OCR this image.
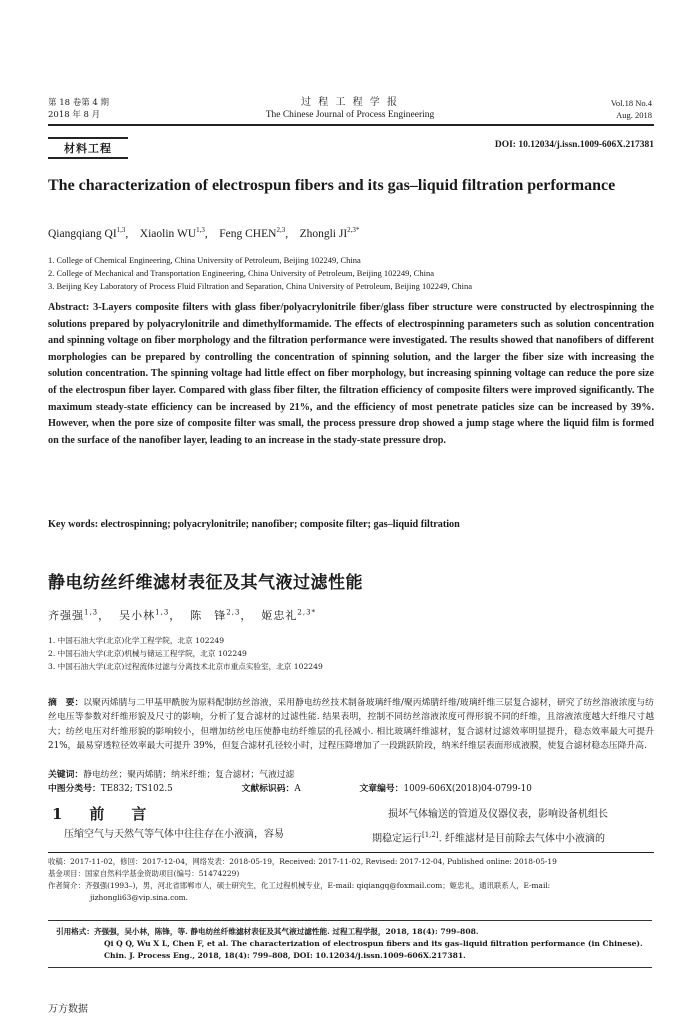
第 18 卷第 4 期
2018 年 8 月
过 程 工 程 学 报
The Chinese Journal of Process Engineering
Vol.18 No.4
Aug. 2018
材料工程	DOI: 10.12034/j.issn.1009-606X.217381
The characterization of electrospun fibers and its gas–liquid filtration performance
Qiangqiang QI$^{1,3}$,    Xiaolin WU$^{1,3}$,    Feng CHEN$^{2,3}$,    Zhongli $JI^{2,3*}$
1. College of Chemical Engineering, China University of Petroleum, Beijing 102249, China
2. College of Mechanical and Transportation Engineering, China University of Petroleum, Beijing 102249, China
3. Beijing Key Laboratory of Process Fluid Filtration and Separation, China University of Petroleum, Beijing 102249, China
Abstract: 3-Layers composite filters with glass fiber/polyacrylonitrile fiber/glass fiber structure were constructed by electrospinning the solutions prepared by polyacrylonitrile and dimethylformamide. The effects of electrospinning parameters such as solution concentration and spinning voltage on fiber morphology and the filtration performance were investigated. The results showed that nanofibers of different morphologies can be prepared by controlling the concentration of spinning solution, and the larger the fiber size with increasing the solution concentration. The spinning voltage had little effect on fiber morphology, but increasing spinning voltage can reduce the pore size of the electrospun fiber layer. Compared with glass fiber filter, the filtration efficiency of composite filters were improved significantly. The maximum steady-state efficiency can be increased by 21%, and the efficiency of most penetrate paticles size can be increased by 39%. However, when the pore size of composite filter was small, the process pressure drop showed a jump stage where the liquid film is formed on the surface of the nanofiber layer, leading to an increase in the stady-state pressure drop.
Key words: electrospinning; polyacrylonitrile; nanofiber; composite filter; gas–liquid filtration
静电纺丝纤维滤材表征及其气液过滤性能
齐强强$^{1,3}$，  吴小林$^{1,3}$，  陈　锋$^{2,3}$，  姬忠礼$^{2,3*}$
1. 中国石油大学(北京)化学工程学院，北京 102249
2. 中国石油大学(北京)机械与储运工程学院，北京 102249
3. 中国石油大学(北京)过程流体过滤与分离技术北京市重点实验室，北京 102249
摘　要：以聚丙烯腈与二甲基甲酰胺为原料配制纺丝溶液，采用静电纺丝技术制备玻璃纤维/聚丙烯腈纤维/玻璃纤维三层复合滤材，研究了纺丝溶液浓度与纺丝电压等参数对纤维形貌及尺寸的影响，分析了复合滤材的过滤性能. 结果表明，控制不同纺丝溶液浓度可得形貌不同的纤维，且溶液浓度越大纤维尺寸越大；纺丝电压对纤维形貌的影响较小，但增加纺丝电压使静电纺纤维层的孔径减小. 相比玻璃纤维滤材，复合滤材过滤效率明显提升，稳态效率最大可提升 21%，最易穿透粒径效率最大可提升 39%，但复合滤材孔径较小时，过程压降增加了一段跳跃阶段，纳米纤维层表面形成液膜，使复合滤材稳态压降升高.
关键词：静电纺丝；聚丙烯腈；纳米纤维；复合滤材；气液过滤
中图分类号：TE832; TS102.5	文献标识码：A	文章编号：1009-606X(2018)04-0799-10
1　前　言
压缩空气与天然气等气体中往往存在小液滴，容易
损坏气体输送的管道及仪器仪表，影响设备机组长
期稳定运行[1,2]. 纤维滤材是目前除去气体中小液滴的
收稿：2017-11-02，修回：2017-12-04，网络发表：2018-05-19，Received: 2017-11-02, Revised: 2017-12-04, Published online: 2018-05-19
基金项目：国家自然科学基金资助项目(编号：51474229)
作者简介：齐强强(1993–)，男，河北省邯郸市人，硕士研究生，化工过程机械专业，E-mail: qiqiangq@foxmail.com；姬忠礼，通讯联系人，E-mail:
jizhongli63@vip.sina.com.
引用格式：齐强强，吴小林，陈锋，等. 静电纺丝纤维滤材表征及其气液过滤性能. 过程工程学报，2018, 18(4): 799–808.
Qi Q Q, Wu X L, Chen F, et al. The characterization of electrospun fibers and its gas–liquid filtration performance (in Chinese).
Chin. J. Process Eng., 2018, 18(4): 799–808, DOI: 10.12034/j.issn.1009-606X.217381.
万方数据
